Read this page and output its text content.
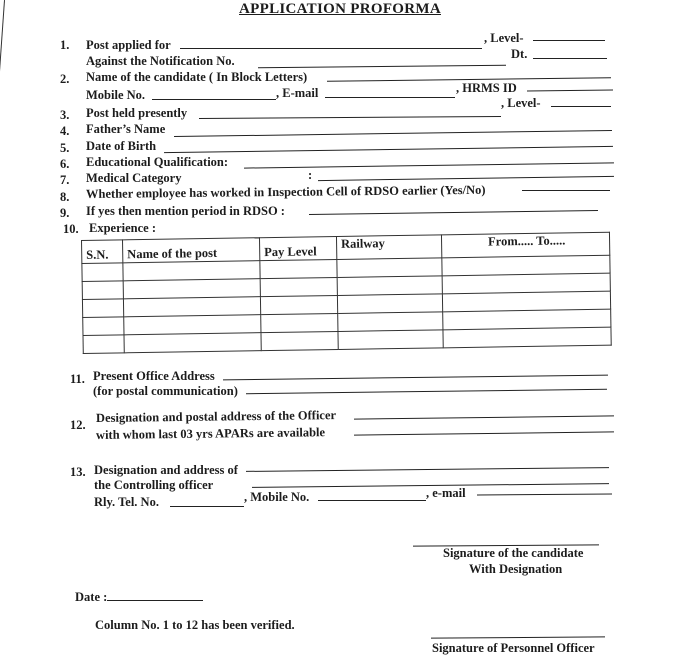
APPLICATION PROFORMA
1. Post applied for	, Level-
Against the Notification No.	Dt.
2. Name of the candidate ( In Block Letters)
Mobile No.	, E-mail	, HRMS ID
3. Post held presently
, Level-
4. Father’s Name
5. Date of Birth
6. Educational Qualification:
7. Medical Category	:
8. Whether employee has worked in Inspection Cell of RDSO earlier (Yes/No)
9. If yes then mention period in RDSO :
10. Experience :
S.N.	Name of the post	Pay Level	Railway	From..... To.....

11. Present Office Address
(for postal communication)
12.
Designation and postal address of the Officer
with whom last 03 yrs APARs are available
13. Designation and address of
the Controlling officer
Rly. Tel. No.	, Mobile No.	, e-mail
Signature of the candidate
With Designation
Date :
Column No. 1 to 12 has been verified.
Signature of Personnel Officer
